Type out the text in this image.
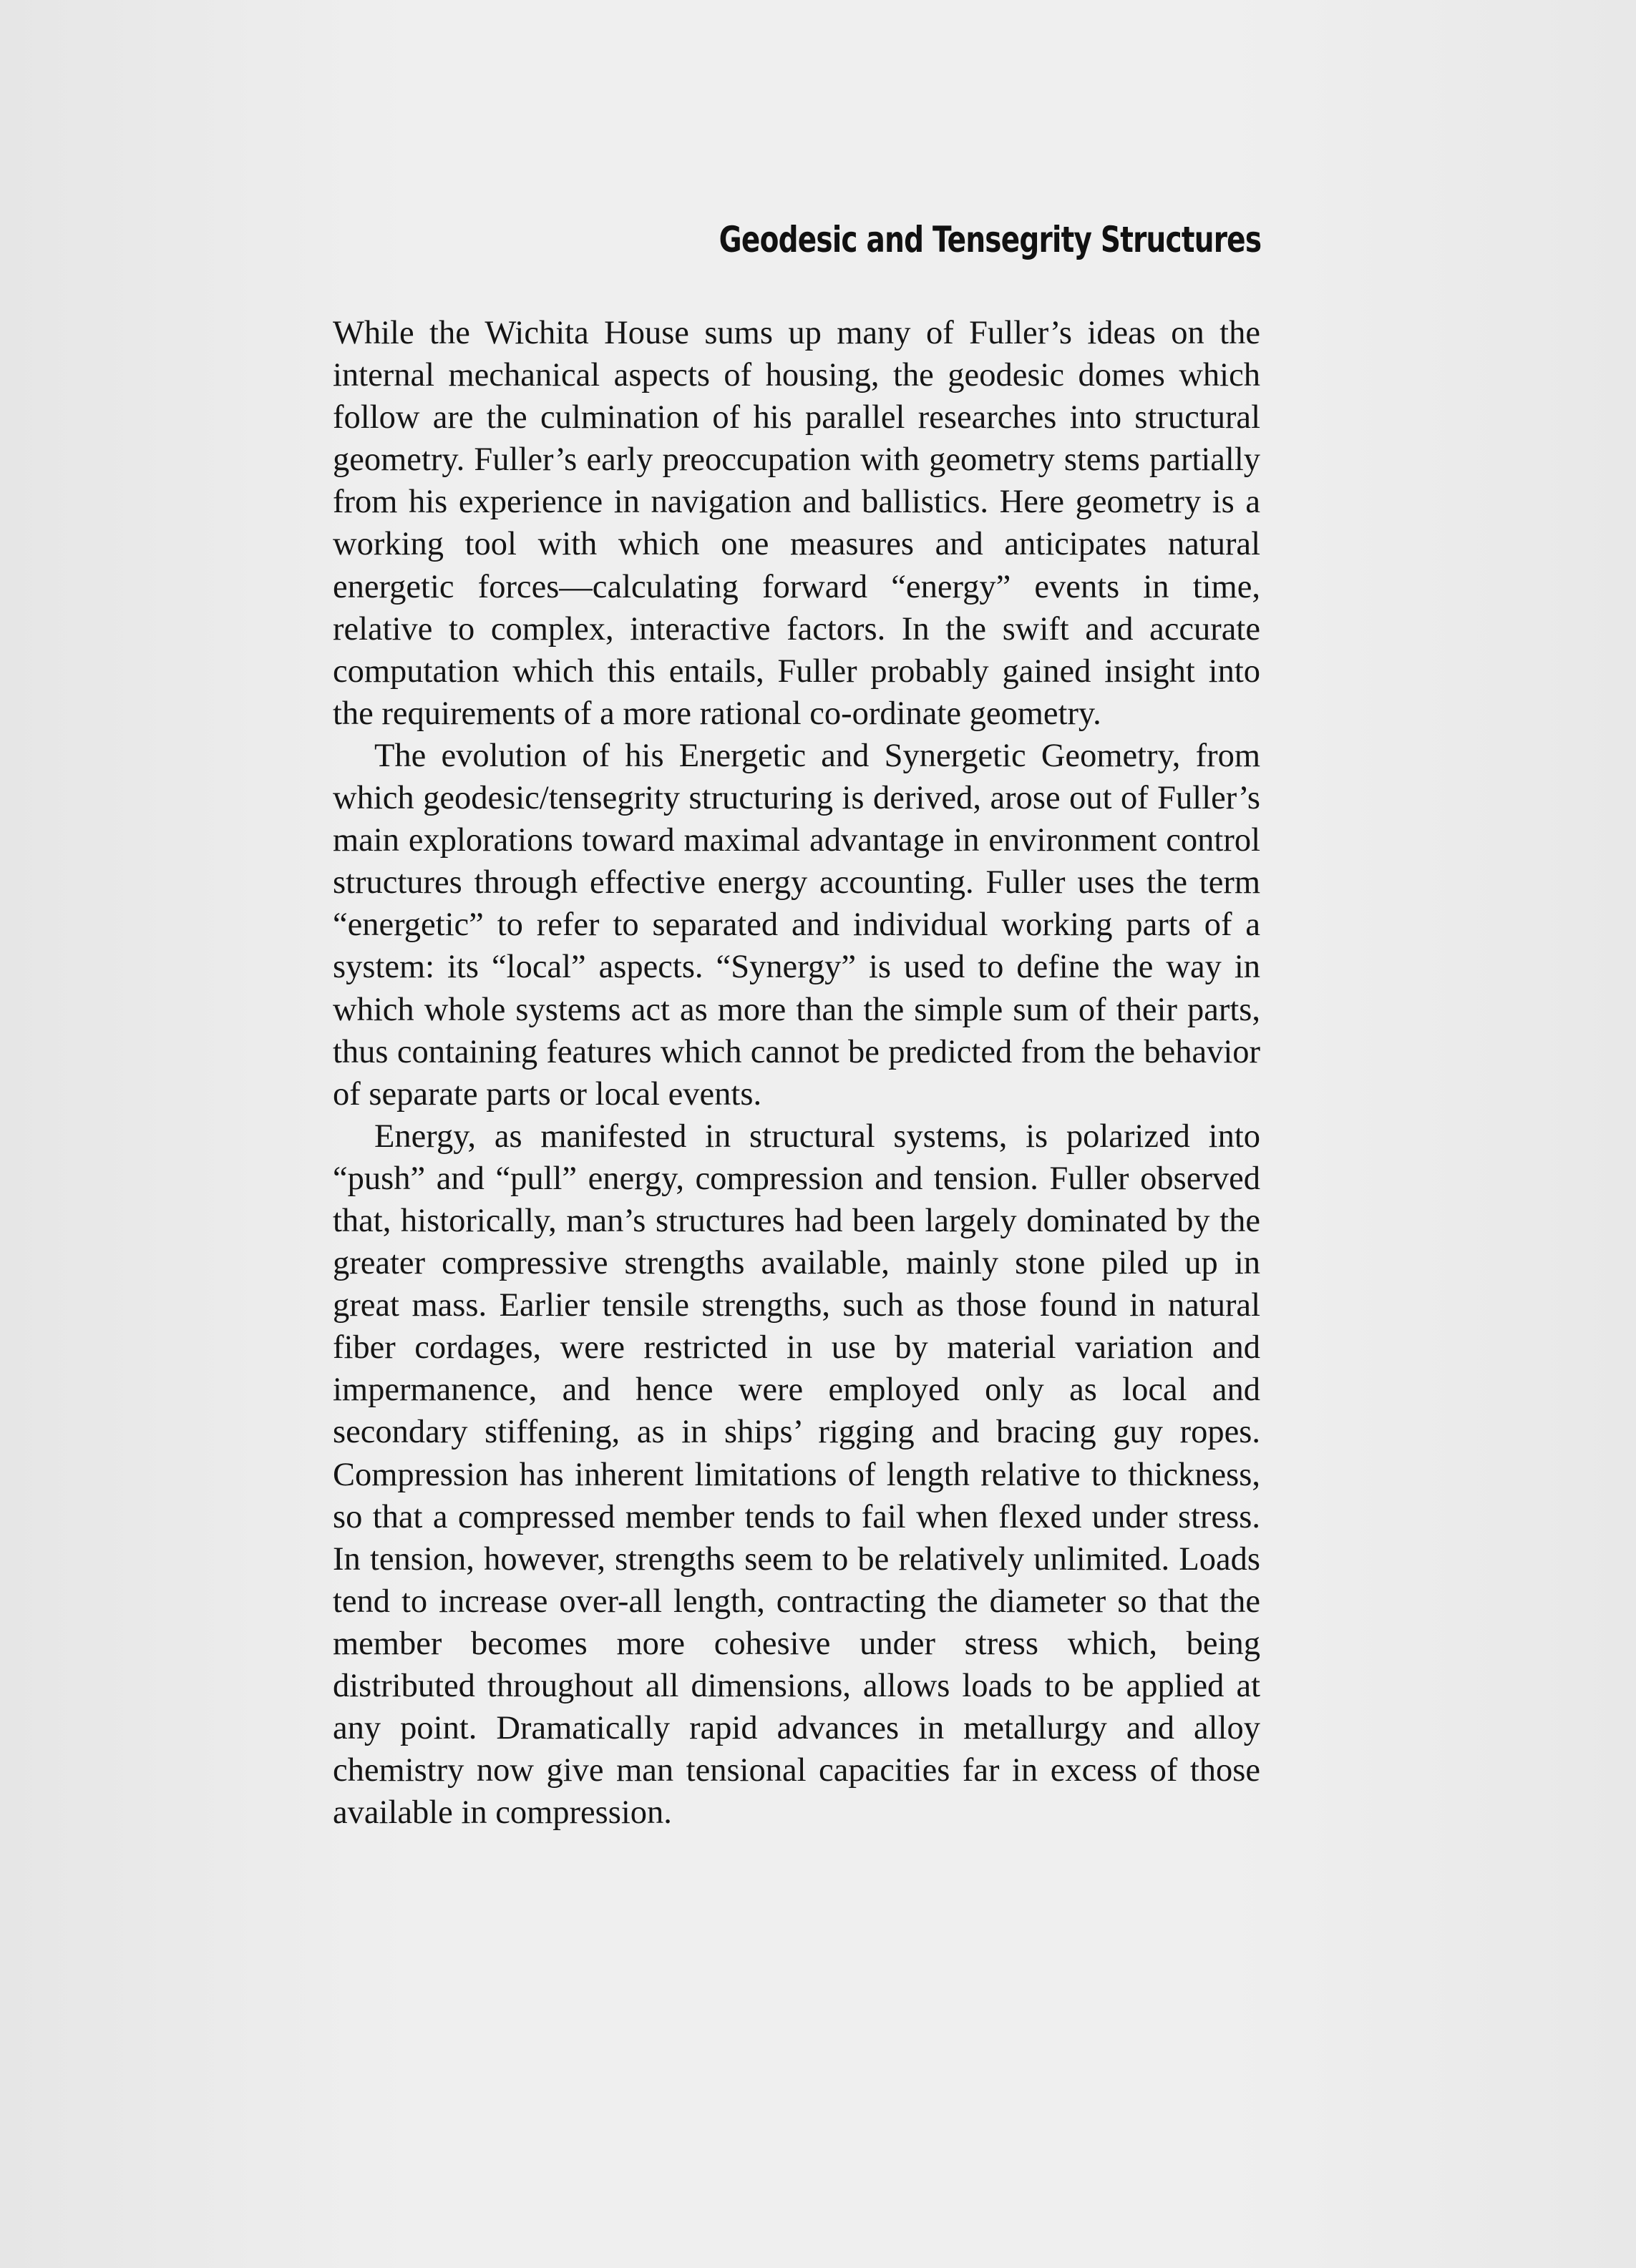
Geodesic and Tensegrity Structures

While the Wichita House sums up many of Fuller’s ideas on the internal mechanical aspects of housing, the geodesic domes which follow are the culmination of his parallel researches into structural geometry. Fuller’s early preoccupation with geometry stems partially from his experience in navigation and ballistics. Here geometry is a working tool with which one measures and anticipates natural energetic forces—calculating forward “energy” events in time, relative to complex, interactive factors. In the swift and accurate computation which this entails, Fuller probably gained insight into the requirements of a more rational co-ordinate geometry.

The evolution of his Energetic and Synergetic Geometry, from which geodesic/tensegrity structuring is derived, arose out of Fuller’s main explorations toward maximal advantage in environment control structures through effective energy accounting. Fuller uses the term “energetic” to refer to separated and individual working parts of a system: its “local” aspects. “Synergy” is used to define the way in which whole systems act as more than the simple sum of their parts, thus containing features which cannot be predicted from the behavior of separate parts or local events.

Energy, as manifested in structural systems, is polarized into “push” and “pull” energy, compression and tension. Fuller observed that, historically, man’s structures had been largely dominated by the greater compressive strengths available, mainly stone piled up in great mass. Earlier tensile strengths, such as those found in natural fiber cordages, were restricted in use by material variation and impermanence, and hence were employed only as local and secondary stiffening, as in ships’ rigging and bracing guy ropes. Compression has inherent limitations of length relative to thickness, so that a compressed member tends to fail when flexed under stress. In tension, however, strengths seem to be relatively unlimited. Loads tend to increase over-all length, contracting the diameter so that the member becomes more cohesive under stress which, being distributed throughout all dimensions, allows loads to be applied at any point. Dramatically rapid advances in metallurgy and alloy chemistry now give man tensional capacities far in excess of those available in compression.
